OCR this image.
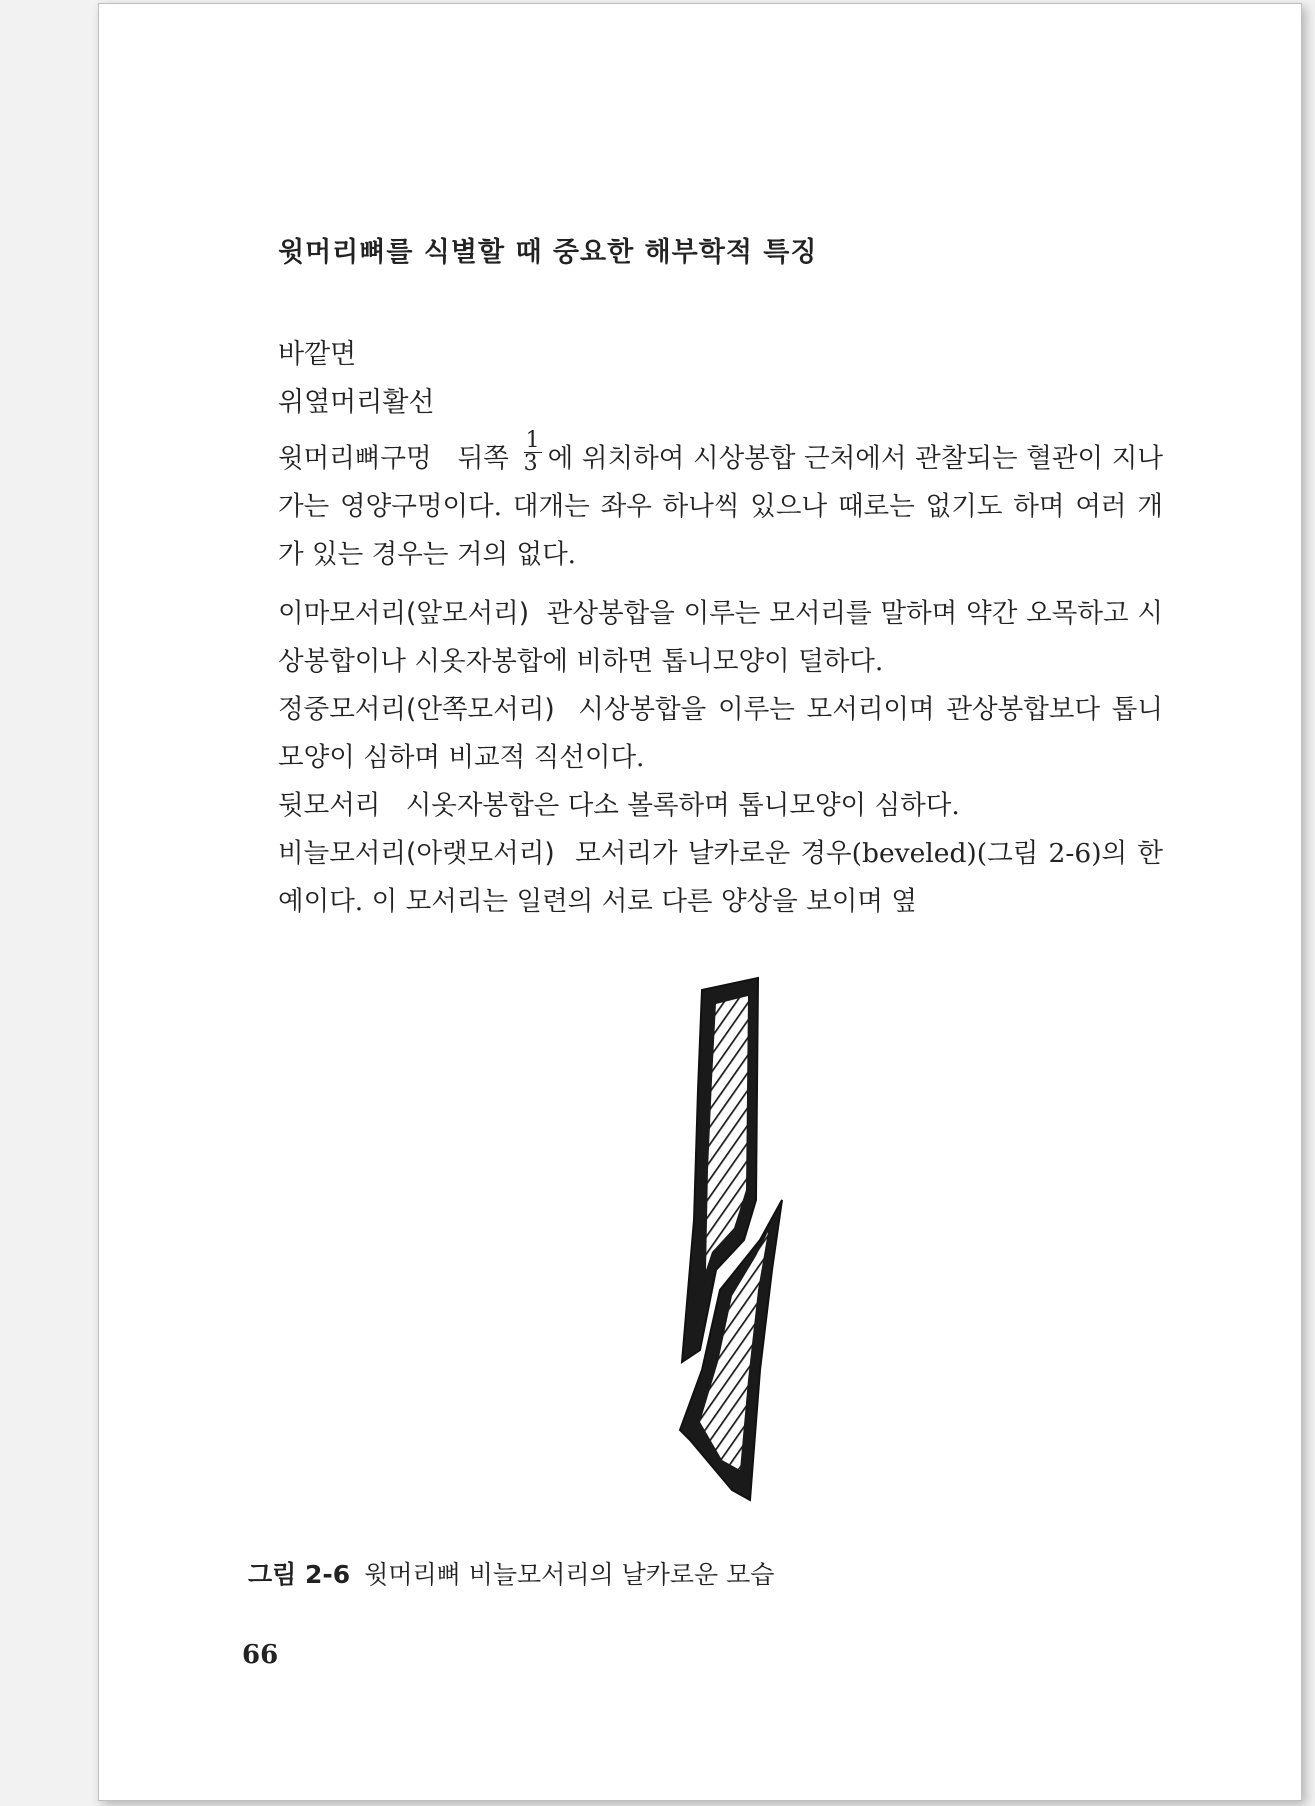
윗머리뼈를 식별할 때 중요한 해부학적 특징
바깥면
위옆머리활선
윗머리뼈구멍 뒤쪽 $\frac{1}{3}$ 에 위치하여 시상봉합 근처에서 관찰되는 혈관이 지나가는 영양구멍이다. 대개는 좌우 하나씩 있으나 때로는 없기도 하며 여러 개가 있는 경우는 거의 없다.
이마모서리(앞모서리) 관상봉합을 이루는 모서리를 말하며 약간 오목하고 시상봉합이나 시옷자봉합에 비하면 톱니모양이 덜하다.
정중모서리(안쪽모서리) 시상봉합을 이루는 모서리이며 관상봉합보다 톱니모양이 심하며 비교적 직선이다.
뒷모서리 시옷자봉합은 다소 볼록하며 톱니모양이 심하다.
비늘모서리(아랫모서리) 모서리가 날카로운 경우(beveled)(그림 2-6)의 한 예이다. 이 모서리는 일련의 서로 다른 양상을 보이며 옆
그림 2-6 윗머리뼈 비늘모서리의 날카로운 모습
66
